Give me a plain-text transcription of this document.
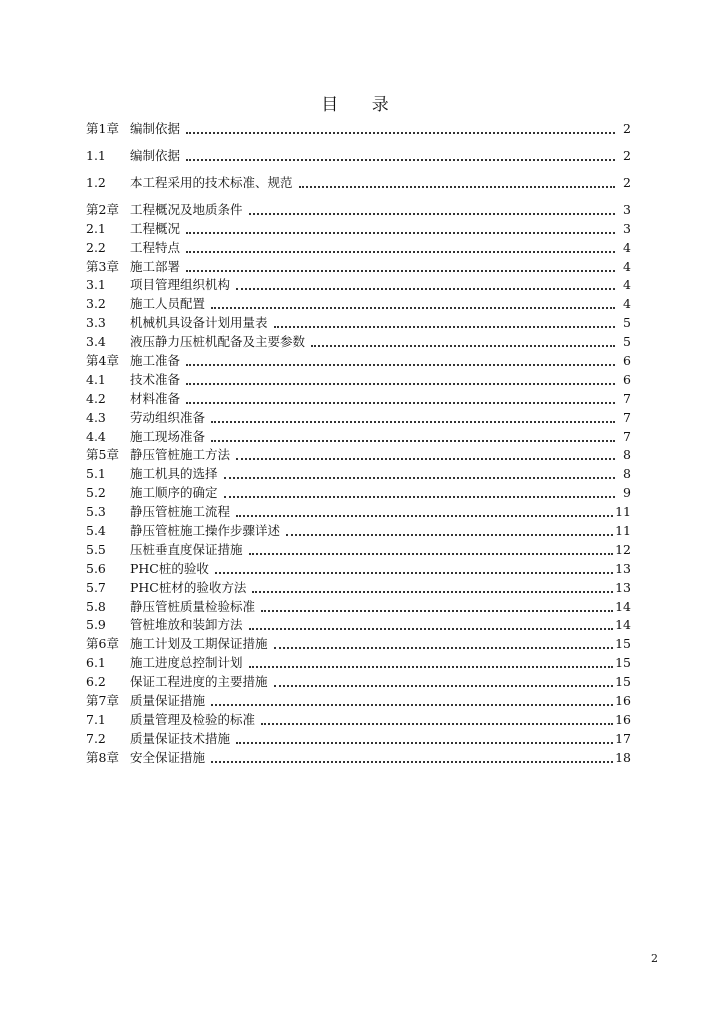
目 录
第1章 编制依据	2
1.1	编制依据	2
1.2	本工程采用的技术标准、规范	2
第2章 工程概况及地质条件	3
2.1	工程概况	3
2.2	工程特点	4
第3章 施工部署	4
3.1	项目管理组织机构	4
3.2	施工人员配置	4
3.3	机械机具设备计划用量表	5
3.4	液压静力压桩机配备及主要参数	5
第4章 施工准备	6
4.1	技术准备	6
4.2	材料准备	7
4.3	劳动组织准备	7
4.4	施工现场准备	7
第5章 静压管桩施工方法	8
5.1	施工机具的选择	8
5.2	施工顺序的确定	9
5.3	静压管桩施工流程	11
5.4	静压管桩施工操作步骤详述	11
5.5	压桩垂直度保证措施	12
5.6	PHC桩的验收	13
5.7	PHC桩材的验收方法	13
5.8	静压管桩质量检验标准	14
5.9	管桩堆放和装卸方法	14
第6章 施工计划及工期保证措施	15
6.1	施工进度总控制计划	15
6.2	保证工程进度的主要措施	15
第7章 质量保证措施	16
7.1	质量管理及检验的标准	16
7.2	质量保证技术措施	17
第8章 安全保证措施	18
2
